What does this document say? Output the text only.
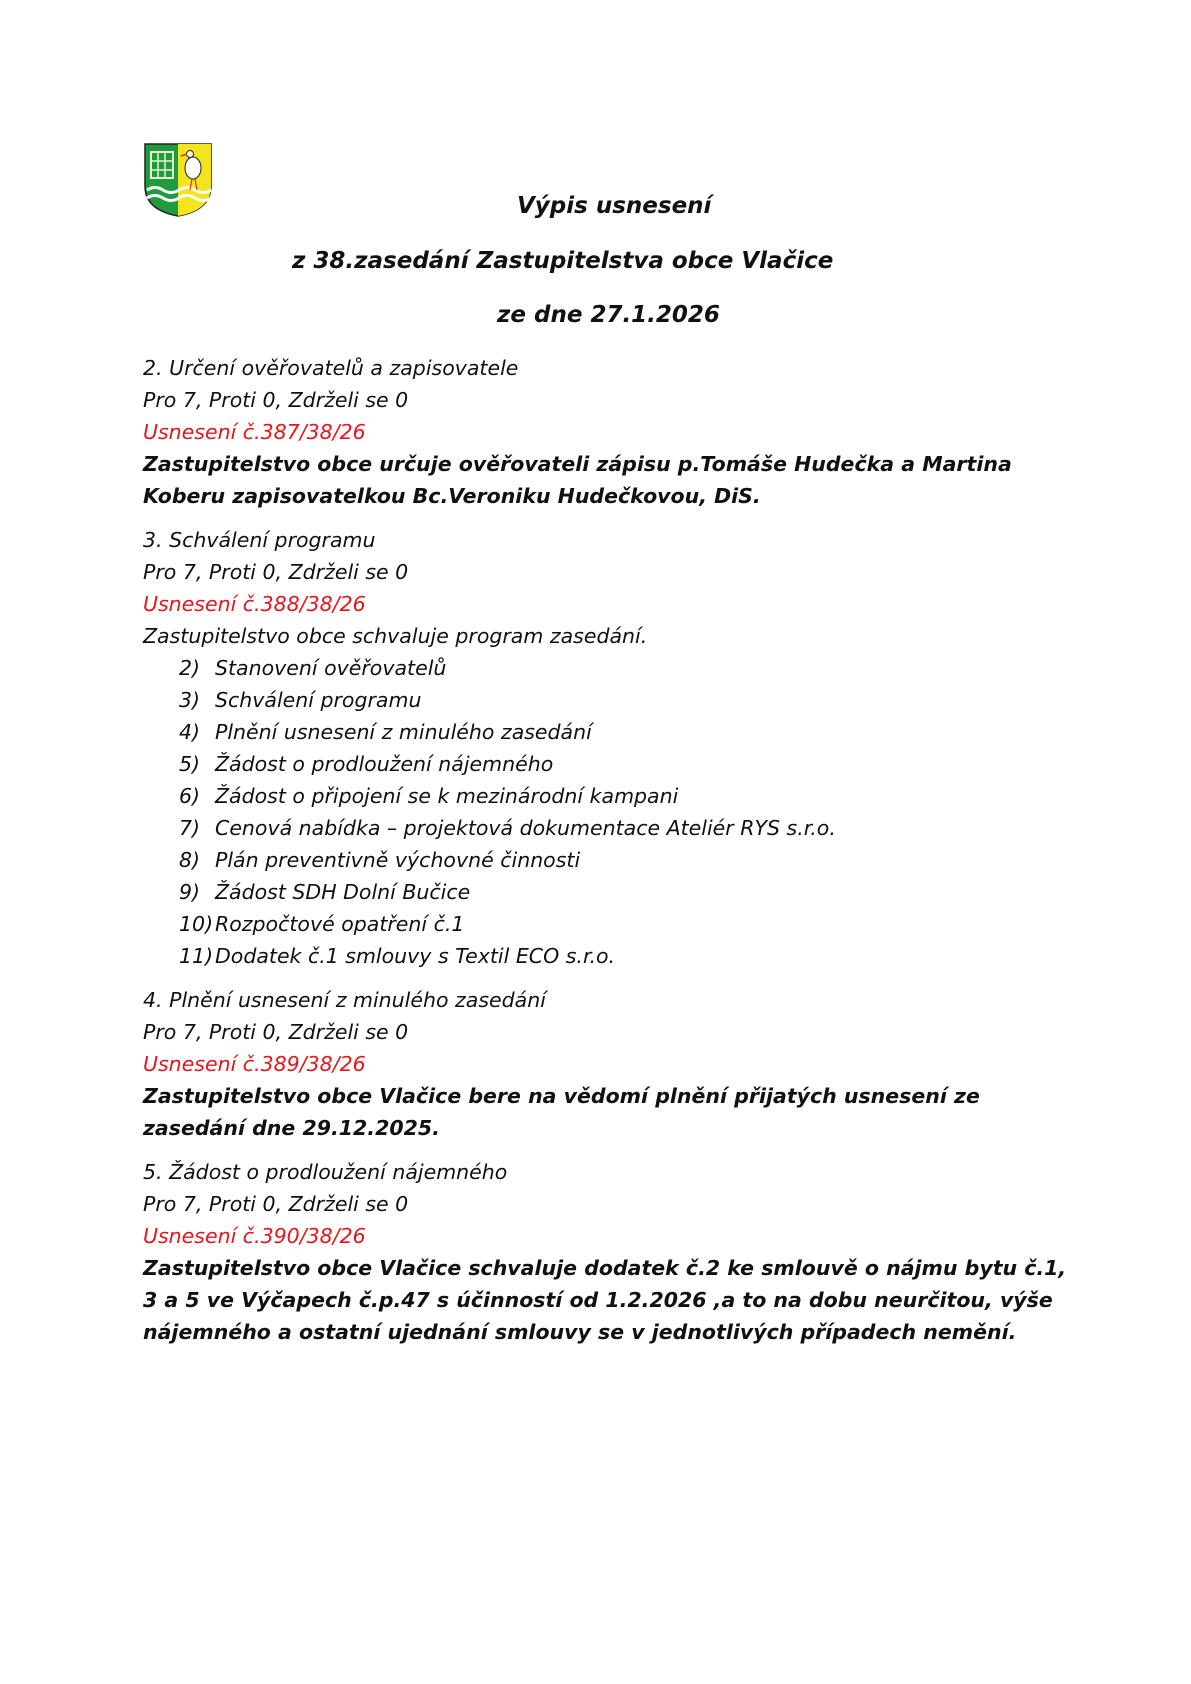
Výpis usnesení
z 38.zasedání Zastupitelstva obce Vlačice
ze dne 27.1.2026
2. Určení ověřovatelů a zapisovatele
Pro 7, Proti 0, Zdrželi se 0
Usnesení č.387/38/26
Zastupitelstvo obce určuje ověřovateli zápisu p.Tomáše Hudečka a Martina Koberu zapisovatelkou Bc.Veroniku Hudečkovou, DiS.
3. Schválení programu
Pro 7, Proti 0, Zdrželi se 0
Usnesení č.388/38/26
Zastupitelstvo obce schvaluje program zasedání.
2) Stanovení ověřovatelů
3) Schválení programu
4) Plnění usnesení z minulého zasedání
5) Žádost o prodloužení nájemného
6) Žádost o připojení se k mezinárodní kampani
7) Cenová nabídka – projektová dokumentace Ateliér RYS s.r.o.
8) Plán preventivně výchovné činnosti
9) Žádost SDH Dolní Bučice
10) Rozpočtové opatření č.1
11) Dodatek č.1 smlouvy s Textil ECO s.r.o.
4. Plnění usnesení z minulého zasedání
Pro 7, Proti 0, Zdrželi se 0
Usnesení č.389/38/26
Zastupitelstvo obce Vlačice bere na vědomí plnění přijatých usnesení ze zasedání dne 29.12.2025.
5. Žádost o prodloužení nájemného
Pro 7, Proti 0, Zdrželi se 0
Usnesení č.390/38/26
Zastupitelstvo obce Vlačice schvaluje dodatek č.2 ke smlouvě o nájmu bytu č.1, 3 a 5 ve Výčapech č.p.47 s účinností od 1.2.2026 ,a to na dobu neurčitou, výše nájemného a ostatní ujednání smlouvy se v jednotlivých případech nemění.
